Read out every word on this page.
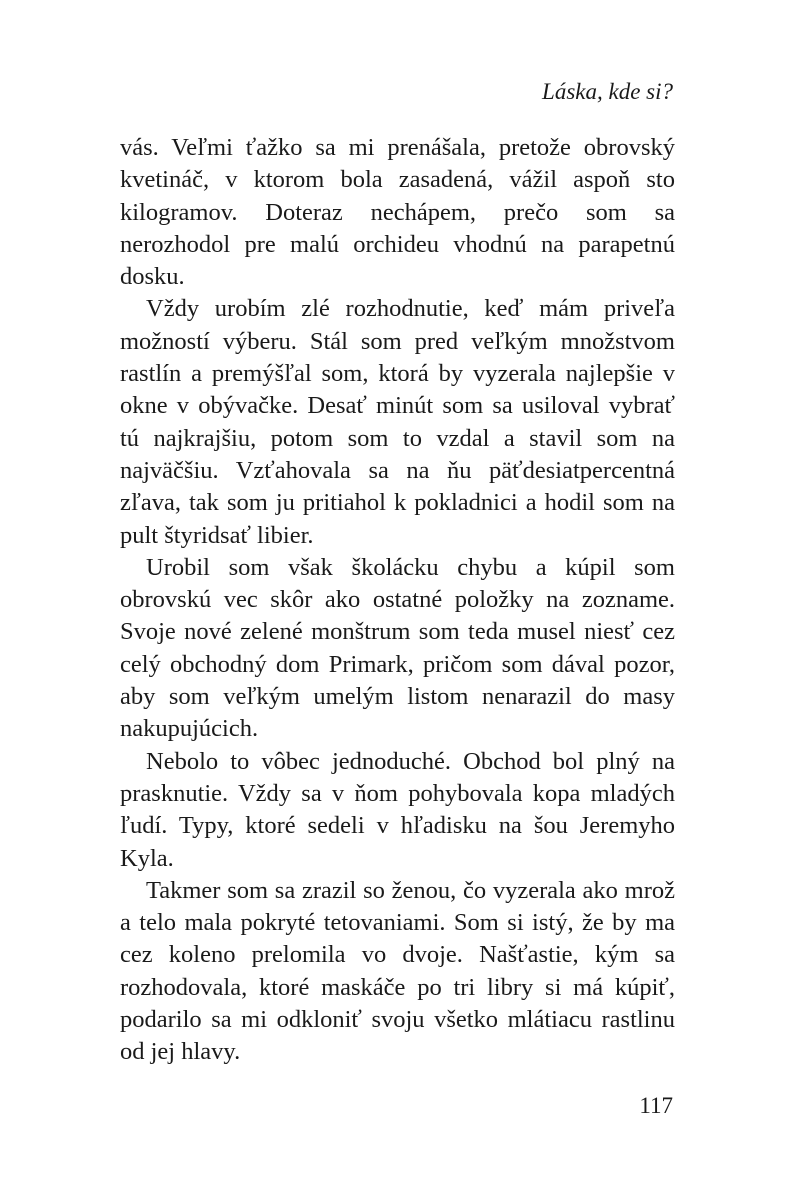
Láska, kde si?

vás. Veľmi ťažko sa mi prenášala, pretože obrovský kvetináč, v ktorom bola zasadená, vážil aspoň sto kilogramov. Doteraz nechápem, prečo som sa nerozhodol pre malú orchideu vhodnú na parapetnú dosku.

Vždy urobím zlé rozhodnutie, keď mám priveľa možností výberu. Stál som pred veľkým množstvom rastlín a premýšľal som, ktorá by vyzerala najlepšie v okne v obývačke. Desať minút som sa usiloval vybrať tú najkrajšiu, potom som to vzdal a stavil som na najväčšiu. Vzťahovala sa na ňu päťdesiatpercentná zľava, tak som ju pritiahol k pokladnici a hodil som na pult štyridsať libier.

Urobil som však školácku chybu a kúpil som obrovskú vec skôr ako ostatné položky na zozname. Svoje nové zelené monštrum som teda musel niesť cez celý obchodný dom Primark, pričom som dával pozor, aby som veľkým umelým listom nenarazil do masy nakupujúcich.

Nebolo to vôbec jednoduché. Obchod bol plný na prasknutie. Vždy sa v ňom pohybovala kopa mladých ľudí. Typy, ktoré sedeli v hľadisku na šou Jeremyho Kyla.

Takmer som sa zrazil so ženou, čo vyzerala ako mrož a telo mala pokryté tetovaniami. Som si istý, že by ma cez koleno prelomila vo dvoje. Našťastie, kým sa rozhodovala, ktoré maskáče po tri libry si má kúpiť, podarilo sa mi odkloniť svoju všetko mlátiacu rastlinu od jej hlavy.

117
